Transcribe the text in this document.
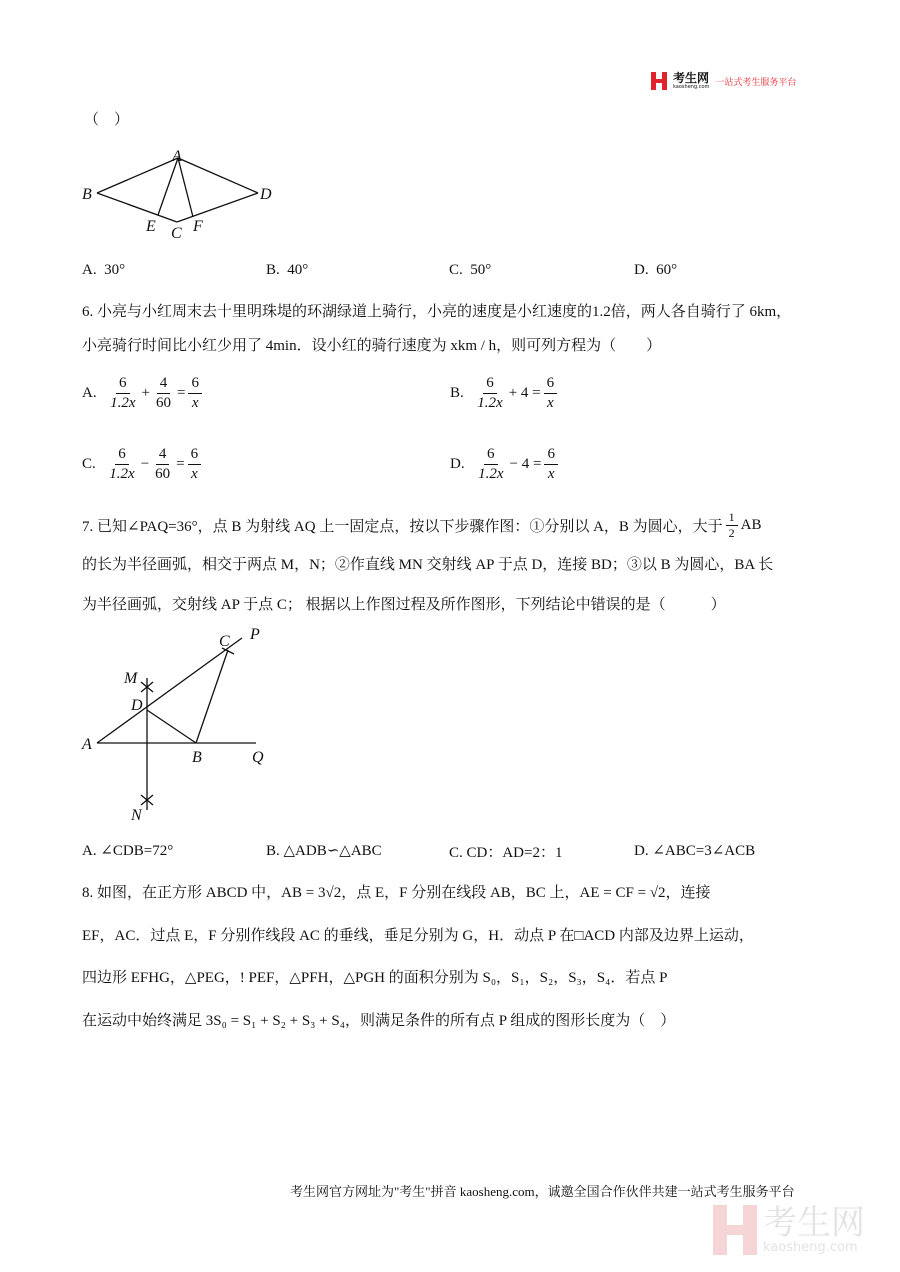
考生网
kaosheng.com 一站式考生服务平台
（　）
A
B	D
E C F
A. 30°	B. 40°	C. 50°	D. 60°
6. 小亮与小红周末去十里明珠堤的环湖绿道上骑行，小亮的速度是小红速度的1.2倍，两人各自骑行了 6km，
小亮骑行时间比小红少用了 4min．设小红的骑行速度为 xkm / h，则可列方程为（　　）
A.
$\frac{6}{1.2x} + \frac{4}{60} = \frac{6}{x}$	B.
$\frac{6}{1.2x} + 4 = \frac{6}{x}$
C.
$\frac{6}{1.2x} - \frac{4}{60} = \frac{6}{x}$	D.
$\frac{6}{1.2x} - 4 = \frac{6}{x}$
7. 已知∠PAQ=36°，点 B 为射线 AQ 上一固定点，按以下步骤作图：①分别以 A，B 为圆心，大于 $\frac{1}{2}$ AB
的长为半径画弧，相交于两点 M，N；②作直线 MN 交射线 AP 于点 D，连接 BD；③以 B 为圆心，BA 长
为半径画弧，交射线 AP 于点 C； 根据以上作图过程及所作图形，下列结论中错误的是（　　　）
C P
M
D
A
B	Q
N
A. ∠CDB=72°	B. △ADB∽△ABC	C. CD：AD=2：1	D. ∠ABC=3∠ACB
8. 如图，在正方形 ABCD 中，AB = 3√2，点 E，F 分别在线段 AB，BC 上，AE = CF = √2，连接
EF，AC．过点 E，F 分别作线段 AC 的垂线，垂足分别为 G，H．动点 P 在□ACD 内部及边界上运动，
四边形 EFHG，△PEG，! PEF，△PFH，△PGH 的面积分别为 S₀，S₁，S₂，S₃，S₄．若点 P
在运动中始终满足 3S₀ = S₁ + S₂ + S₃ + S₄，则满足条件的所有点 P 组成的图形长度为（　）
考生网官方网址为"考生"拼音 kaosheng.com，诚邀全国合作伙伴共建一站式考生服务平台
考生网
kaosheng.com
